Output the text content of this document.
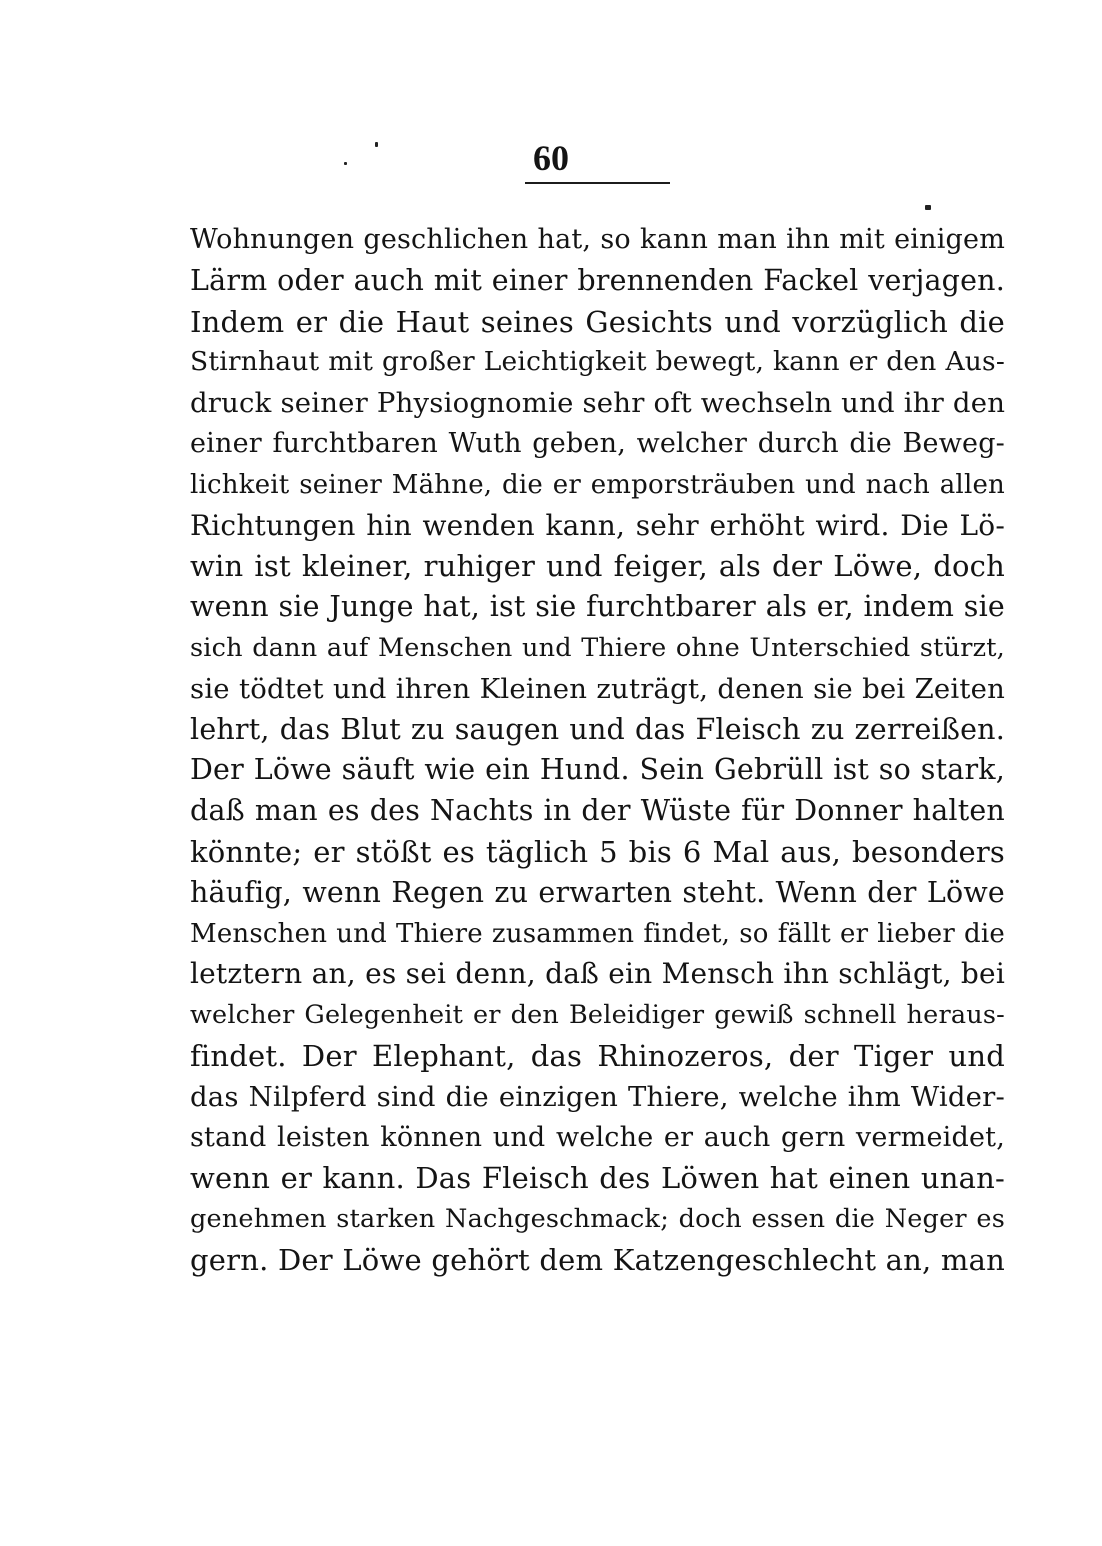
60
Wohnungen geschlichen hat, so kann man ihn mit einigem
Lärm oder auch mit einer brennenden Fackel verjagen.
Indem er die Haut seines Gesichts und vorzüglich die
Stirnhaut mit großer Leichtigkeit bewegt, kann er den Aus-
druck seiner Physiognomie sehr oft wechseln und ihr den
einer furchtbaren Wuth geben, welcher durch die Beweg-
lichkeit seiner Mähne, die er emporsträuben und nach allen
Richtungen hin wenden kann, sehr erhöht wird. Die Lö-
win ist kleiner, ruhiger und feiger, als der Löwe, doch
wenn sie Junge hat, ist sie furchtbarer als er, indem sie
sich dann auf Menschen und Thiere ohne Unterschied stürzt,
sie tödtet und ihren Kleinen zuträgt, denen sie bei Zeiten
lehrt, das Blut zu saugen und das Fleisch zu zerreißen.
Der Löwe säuft wie ein Hund. Sein Gebrüll ist so stark,
daß man es des Nachts in der Wüste für Donner halten
könnte; er stößt es täglich 5 bis 6 Mal aus, besonders
häufig, wenn Regen zu erwarten steht. Wenn der Löwe
Menschen und Thiere zusammen findet, so fällt er lieber die
letztern an, es sei denn, daß ein Mensch ihn schlägt, bei
welcher Gelegenheit er den Beleidiger gewiß schnell heraus-
findet. Der Elephant, das Rhinozeros, der Tiger und
das Nilpferd sind die einzigen Thiere, welche ihm Wider-
stand leisten können und welche er auch gern vermeidet,
wenn er kann. Das Fleisch des Löwen hat einen unan-
genehmen starken Nachgeschmack; doch essen die Neger es
gern. Der Löwe gehört dem Katzengeschlecht an, man
